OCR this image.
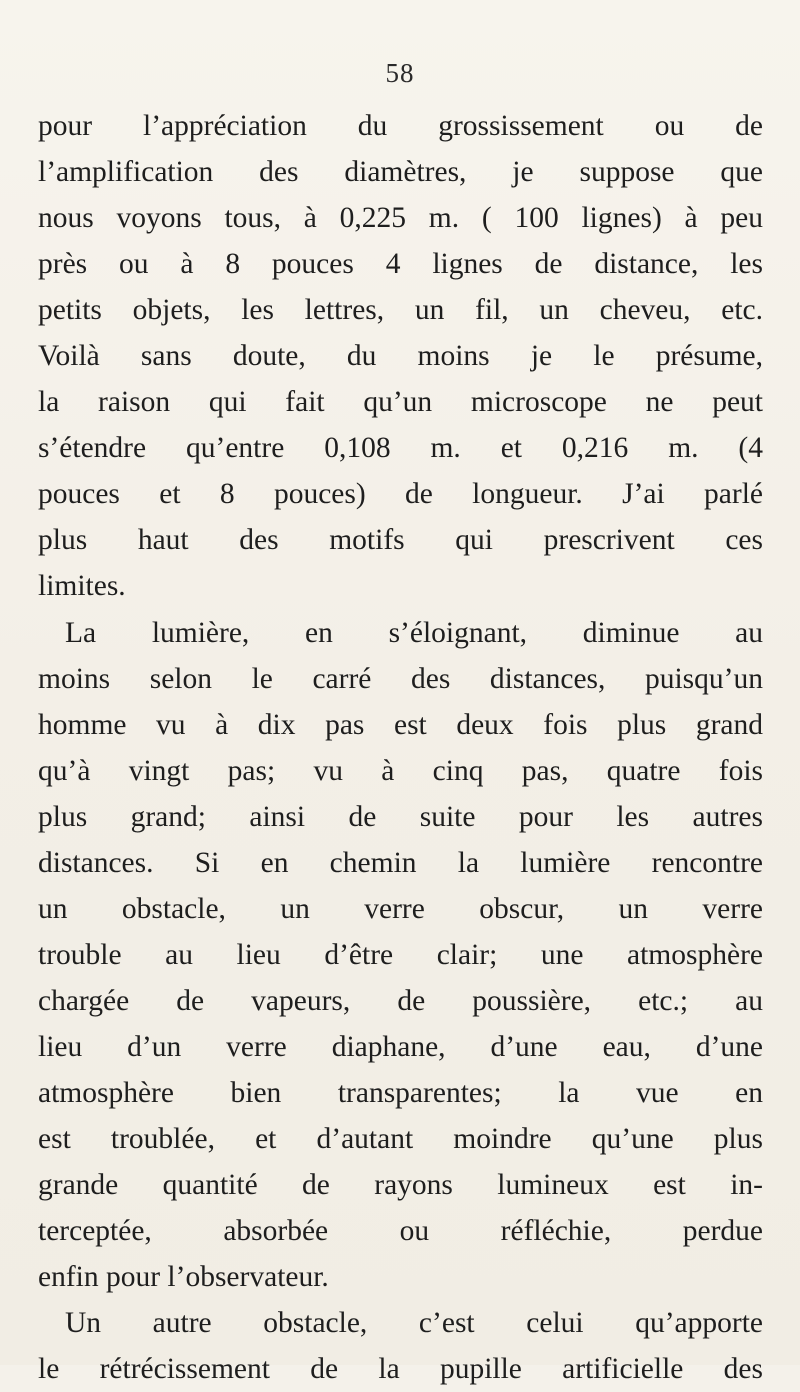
58
pour l’appréciation du grossissement ou de
l’amplification des diamètres, je suppose que
nous voyons tous, à 0,225 m. ( 100 lignes) à peu
près ou à 8 pouces 4 lignes de distance, les
petits objets, les lettres, un fil, un cheveu, etc.
Voilà sans doute, du moins je le présume,
la raison qui fait qu’un microscope ne peut
s’étendre qu’entre 0,108 m. et 0,216 m. (4
pouces et 8 pouces) de longueur. J’ai parlé
plus haut des motifs qui prescrivent ces
limites.
La lumière, en s’éloignant, diminue au
moins selon le carré des distances, puisqu’un
homme vu à dix pas est deux fois plus grand
qu’à vingt pas; vu à cinq pas, quatre fois
plus grand; ainsi de suite pour les autres
distances. Si en chemin la lumière rencontre
un obstacle, un verre obscur, un verre
trouble au lieu d’être clair; une atmosphère
chargée de vapeurs, de poussière, etc.; au
lieu d’un verre diaphane, d’une eau, d’une
atmosphère bien transparentes; la vue en
est troublée, et d’autant moindre qu’une plus
grande quantité de rayons lumineux est in-
terceptée, absorbée ou réfléchie, perdue
enfin pour l’observateur.
Un autre obstacle, c’est celui qu’apporte
le rétrécissement de la pupille artificielle des
